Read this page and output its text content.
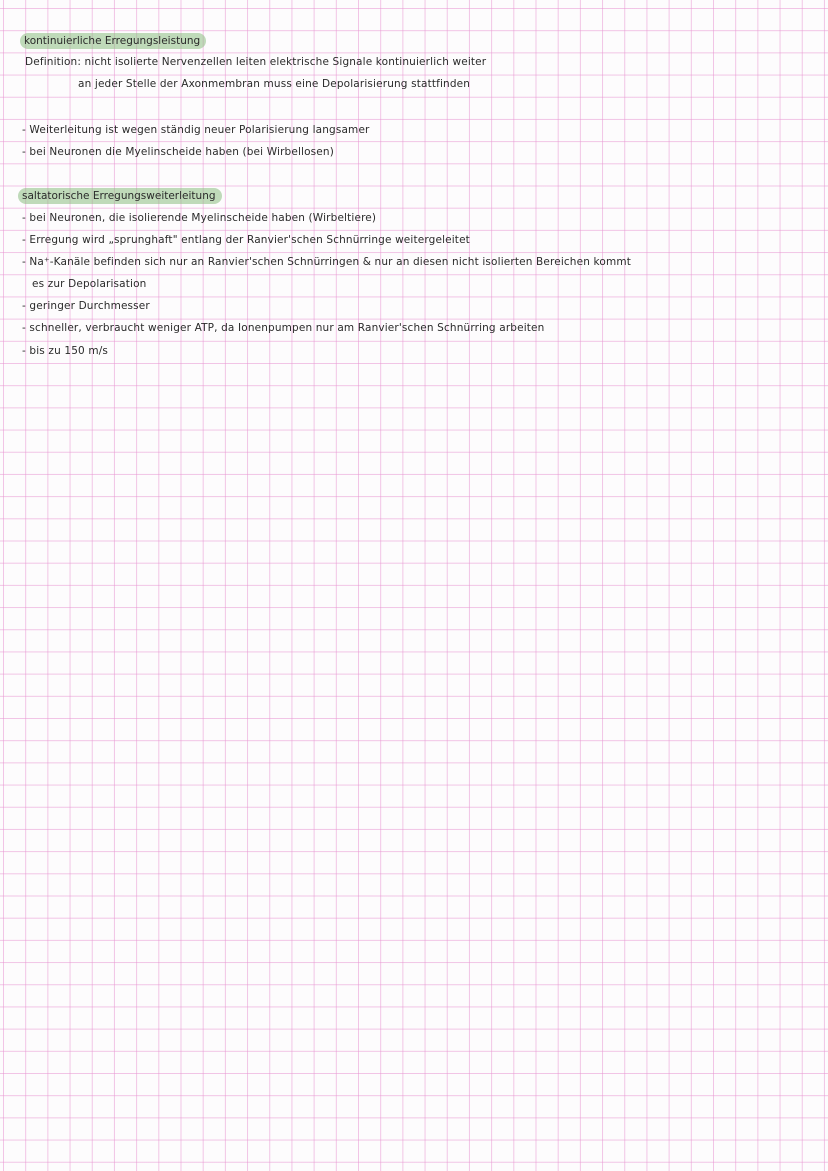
kontinuierliche Erregungsleistung
Definition: nicht isolierte Nervenzellen leiten elektrische Signale kontinuierlich weiter
an jeder Stelle der Axonmembran muss eine Depolarisierung stattfinden
- Weiterleitung ist wegen ständig neuer Polarisierung langsamer
- bei Neuronen die Myelinscheide haben (bei Wirbellosen)
saltatorische Erregungsweiterleitung
- bei Neuronen, die isolierende Myelinscheide haben (Wirbeltiere)
- Erregung wird „sprunghaft" entlang der Ranvier'schen Schnürringe weitergeleitet
- Na⁺-Kanäle befinden sich nur an Ranvier'schen Schnürringen & nur an diesen nicht isolierten Bereichen kommt
es zur Depolarisation
- geringer Durchmesser
- schneller, verbraucht weniger ATP, da Ionenpumpen nur am Ranvier'schen Schnürring arbeiten
- bis zu 150 m/s
